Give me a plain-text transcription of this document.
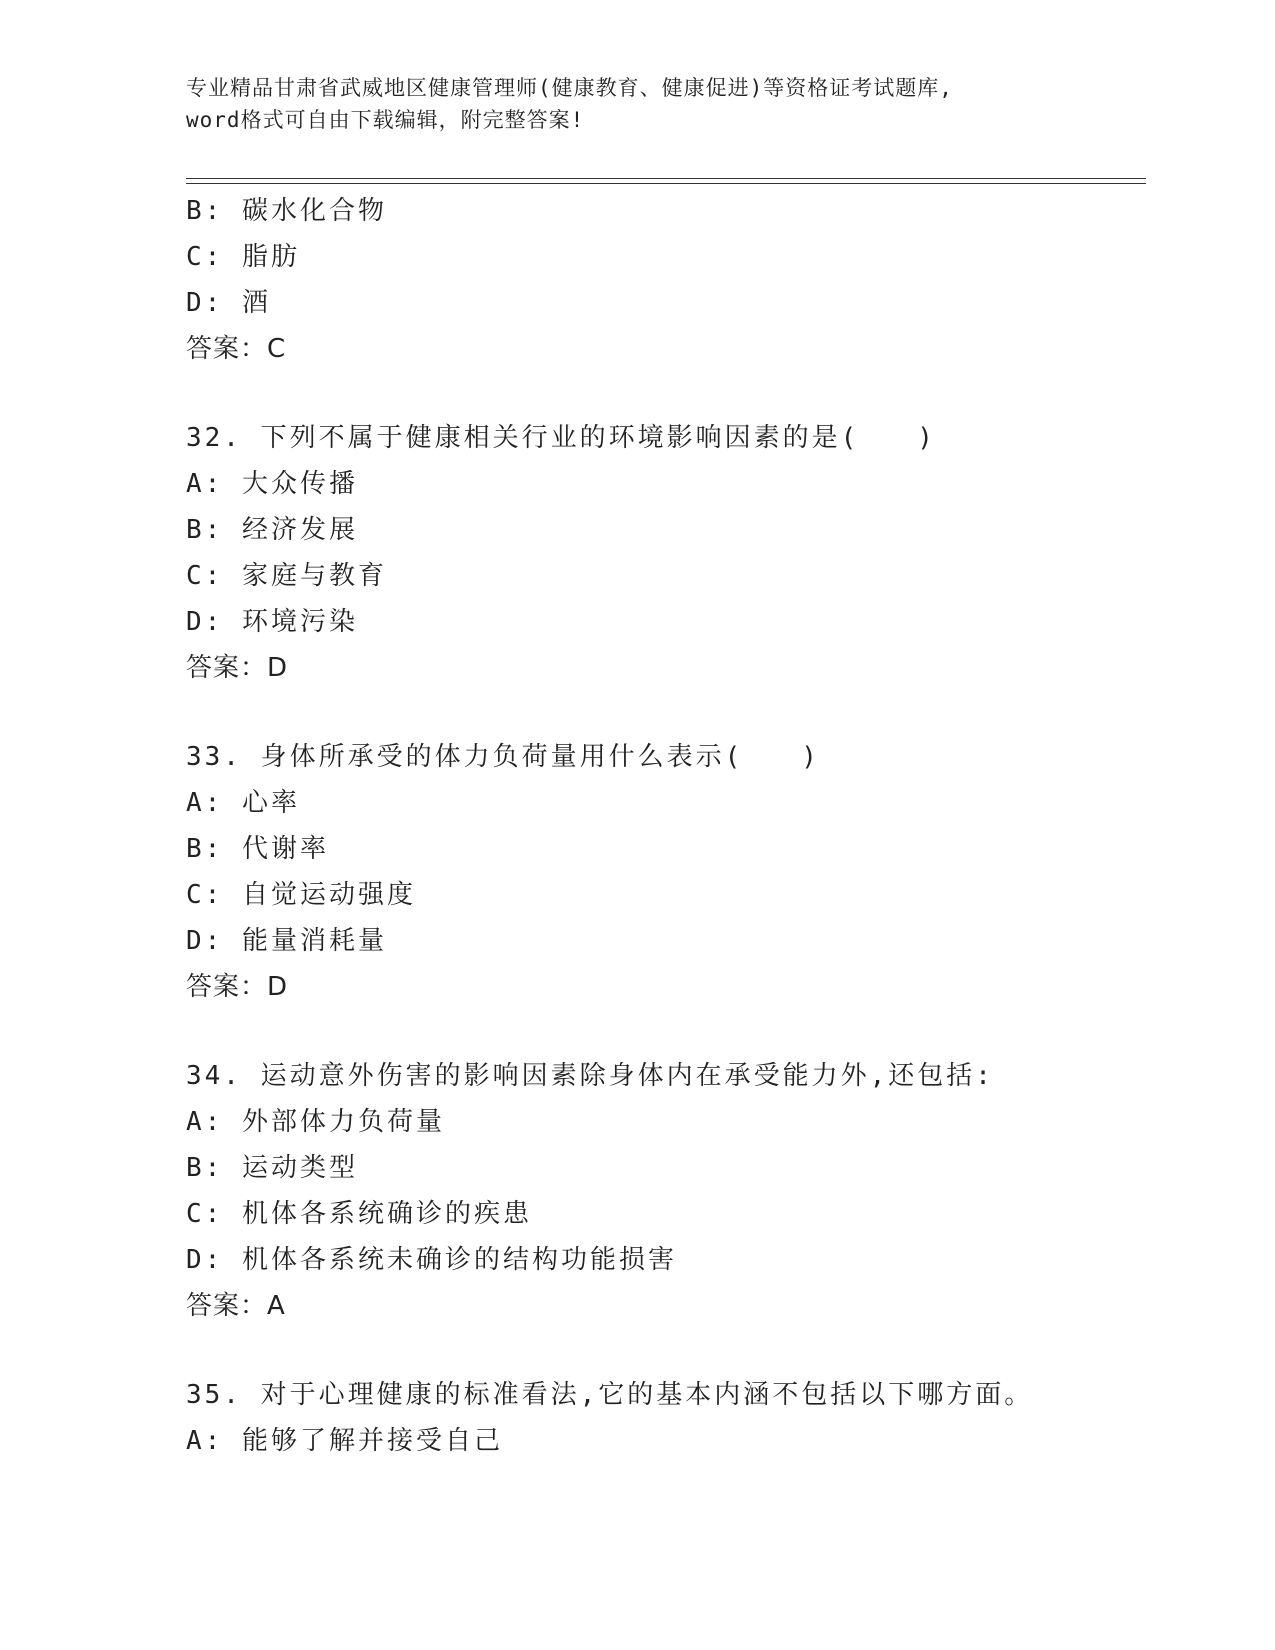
专业精品甘肃省武威地区健康管理师(健康教育、健康促进)等资格证考试题库,
word格式可自由下载编辑，附完整答案!
B: 碳水化合物
C: 脂肪
D: 酒
答案：C
32. 下列不属于健康相关行业的环境影响因素的是(　　)
A: 大众传播
B: 经济发展
C: 家庭与教育
D: 环境污染
答案：D
33. 身体所承受的体力负荷量用什么表示(　　)
A: 心率
B: 代谢率
C: 自觉运动强度
D: 能量消耗量
答案：D
34. 运动意外伤害的影响因素除身体内在承受能力外,还包括:
A: 外部体力负荷量
B: 运动类型
C: 机体各系统确诊的疾患
D: 机体各系统未确诊的结构功能损害
答案：A
35. 对于心理健康的标准看法,它的基本内涵不包括以下哪方面。
A: 能够了解并接受自己
